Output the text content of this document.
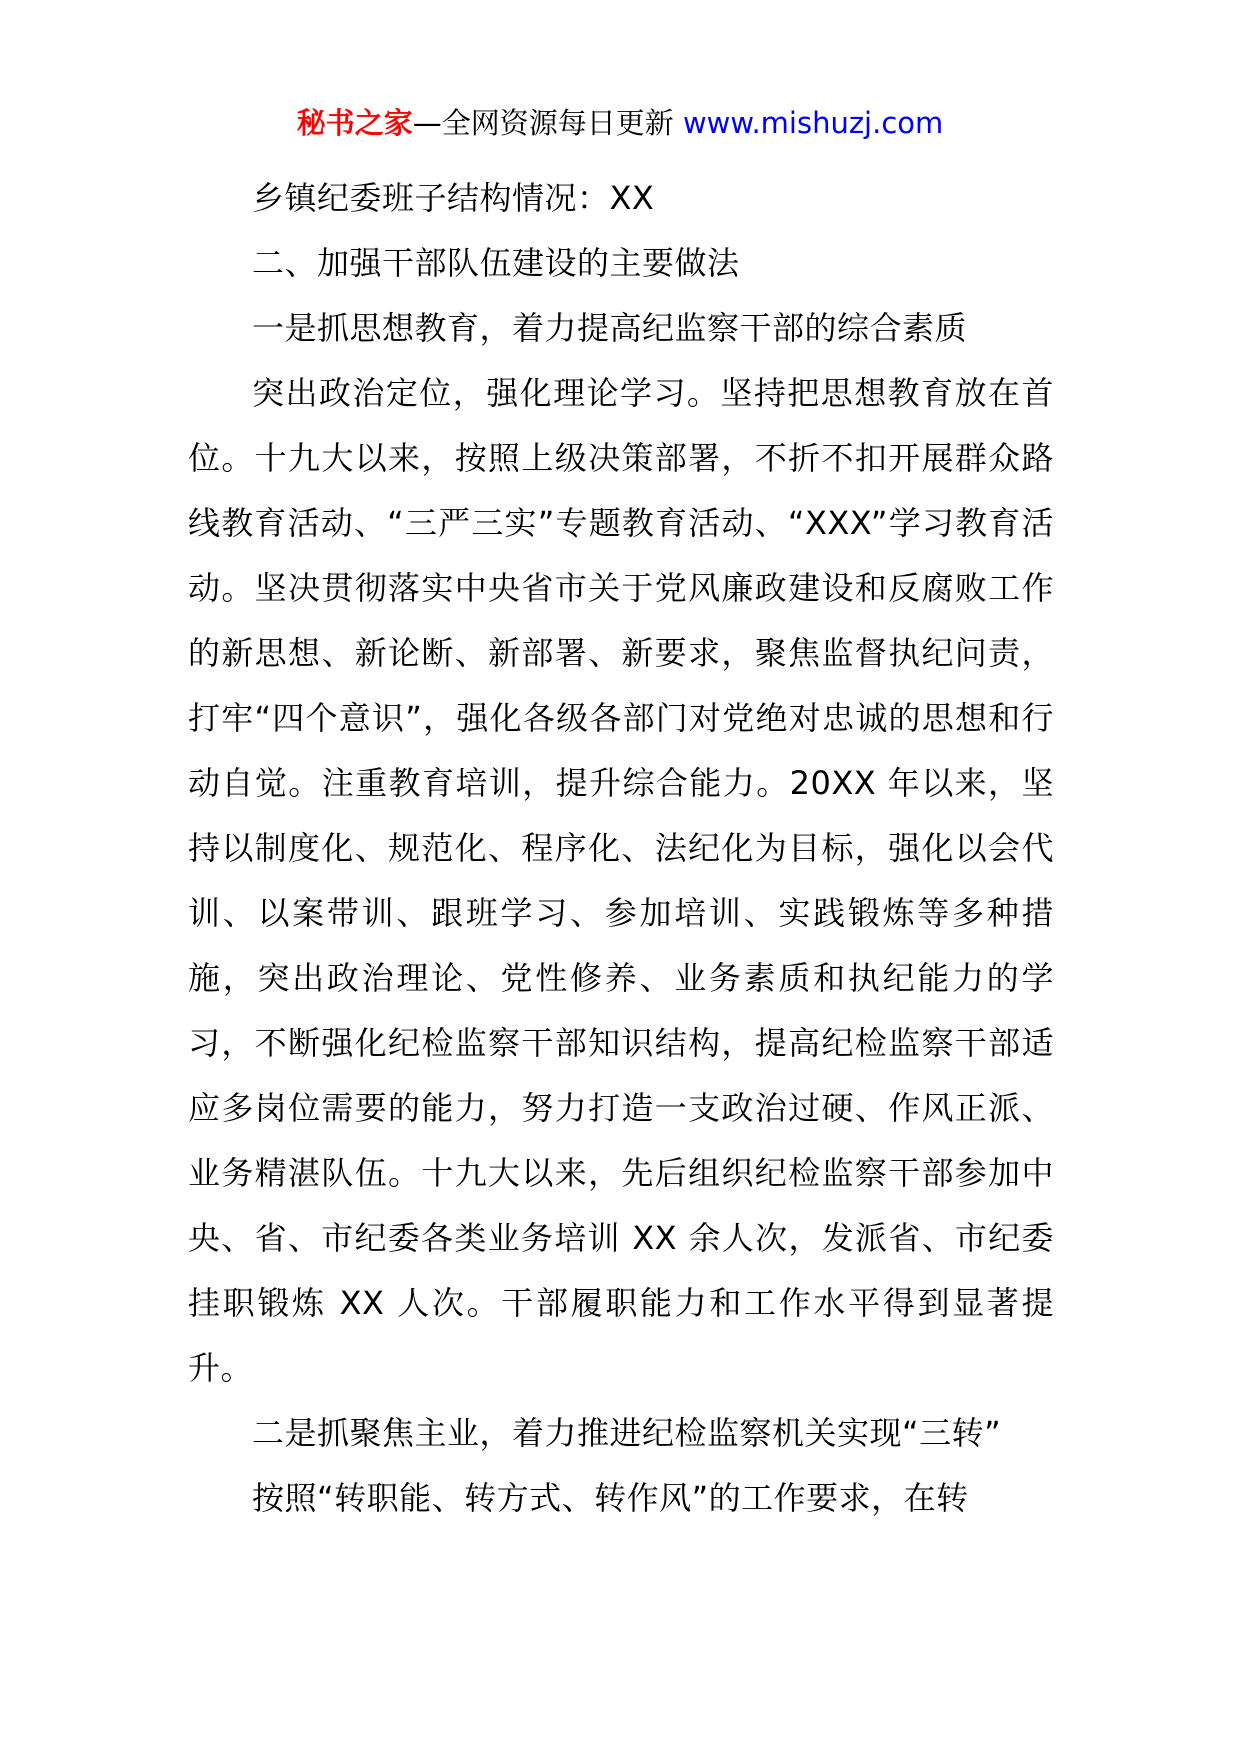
秘书之家—全网资源每日更新 www.mishuzj.com

乡镇纪委班子结构情况：XX

二、加强干部队伍建设的主要做法

一是抓思想教育，着力提高纪监察干部的综合素质

突出政治定位，强化理论学习。坚持把思想教育放在首位。十九大以来，按照上级决策部署，不折不扣开展群众路线教育活动、“三严三实”专题教育活动、“XXX”学习教育活动。坚决贯彻落实中央省市关于党风廉政建设和反腐败工作的新思想、新论断、新部署、新要求，聚焦监督执纪问责，打牢“四个意识”，强化各级各部门对党绝对忠诚的思想和行动自觉。注重教育培训，提升综合能力。20XX 年以来，坚持以制度化、规范化、程序化、法纪化为目标，强化以会代训、以案带训、跟班学习、参加培训、实践锻炼等多种措施，突出政治理论、党性修养、业务素质和执纪能力的学习，不断强化纪检监察干部知识结构，提高纪检监察干部适应多岗位需要的能力，努力打造一支政治过硬、作风正派、业务精湛队伍。十九大以来，先后组织纪检监察干部参加中央、省、市纪委各类业务培训 XX 余人次，发派省、市纪委挂职锻炼 XX 人次。干部履职能力和工作水平得到显著提升。

二是抓聚焦主业，着力推进纪检监察机关实现“三转”

按照“转职能、转方式、转作风”的工作要求，在转
